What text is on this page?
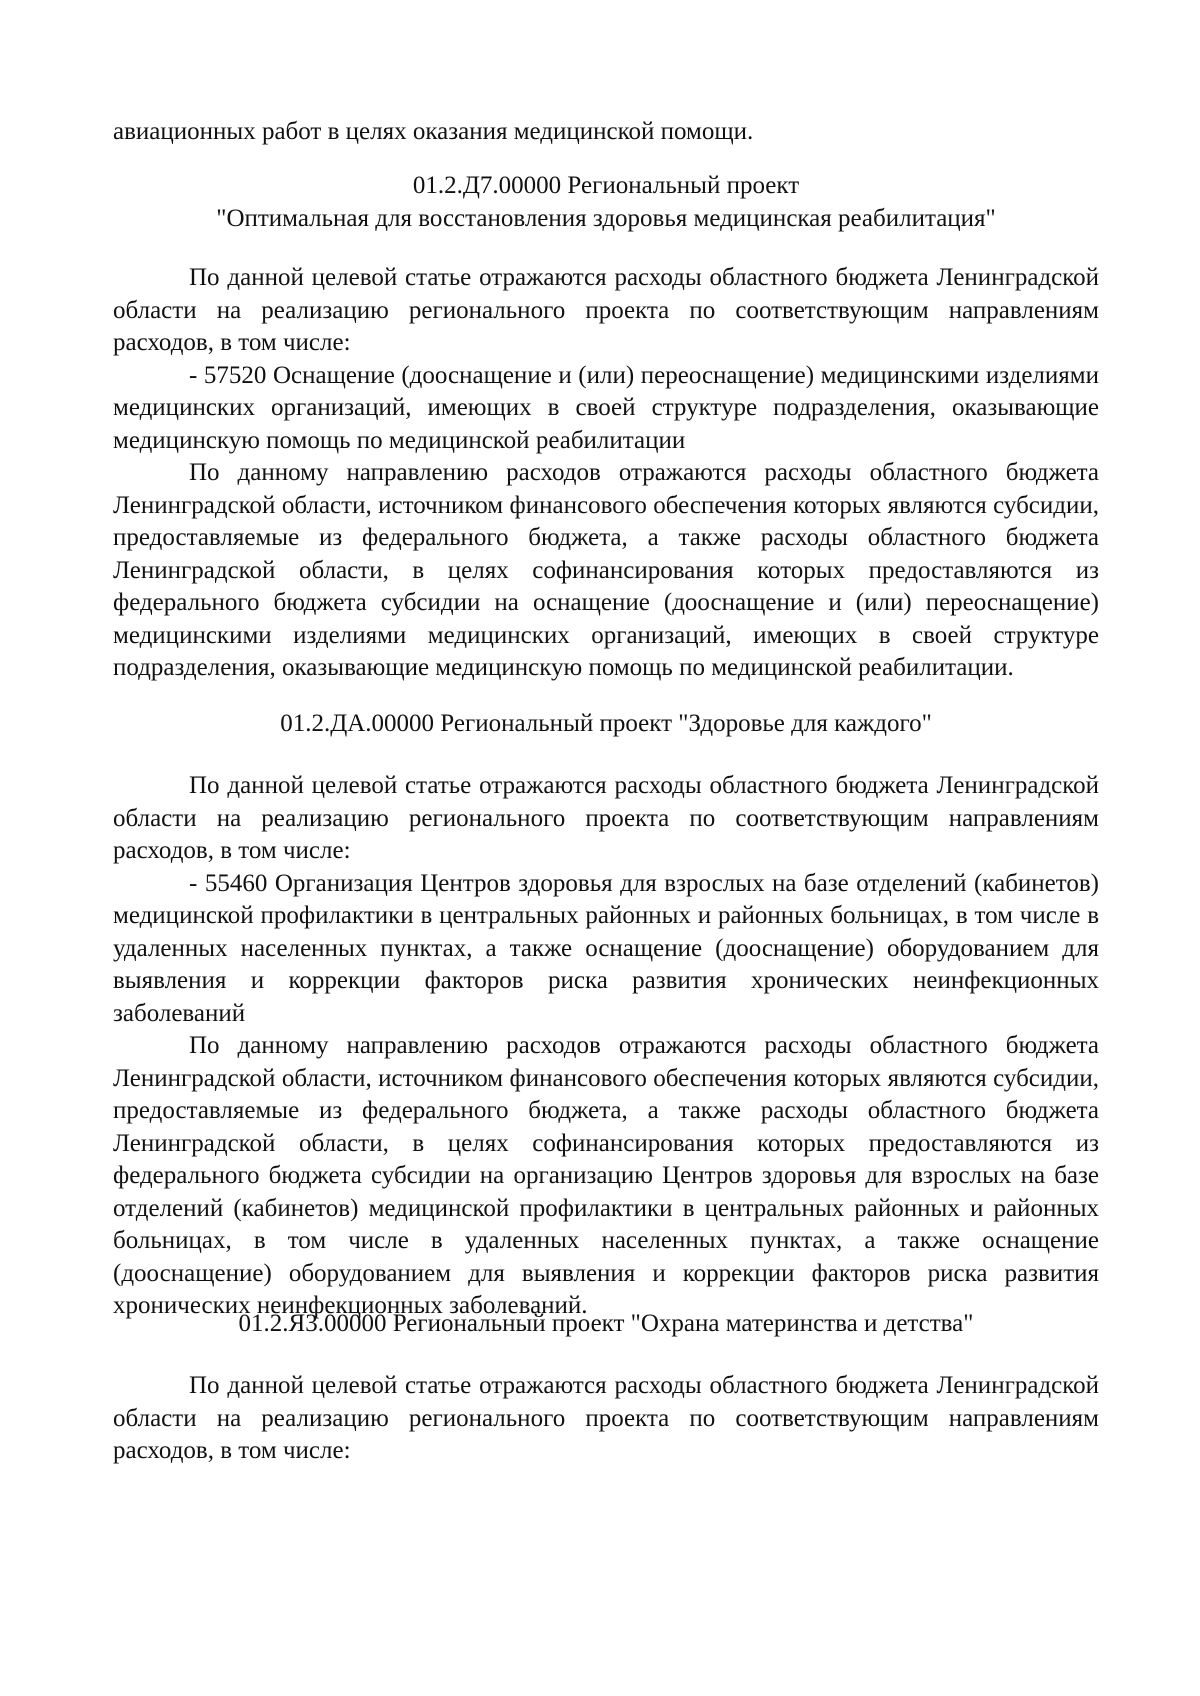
авиационных работ в целях оказания медицинской помощи.

01.2.Д7.00000 Региональный проект
"Оптимальная для восстановления здоровья медицинская реабилитация"

По данной целевой статье отражаются расходы областного бюджета Ленинградской области на реализацию регионального проекта по соответствующим направлениям расходов, в том числе:

- 57520 Оснащение (дооснащение и (или) переоснащение) медицинскими изделиями медицинских организаций, имеющих в своей структуре подразделения, оказывающие медицинскую помощь по медицинской реабилитации

По данному направлению расходов отражаются расходы областного бюджета Ленинградской области, источником финансового обеспечения которых являются субсидии, предоставляемые из федерального бюджета, а также расходы областного бюджета Ленинградской области, в целях софинансирования которых предоставляются из федерального бюджета субсидии на оснащение (дооснащение и (или) переоснащение) медицинскими изделиями медицинских организаций, имеющих в своей структуре подразделения, оказывающие медицинскую помощь по медицинской реабилитации.

01.2.ДА.00000 Региональный проект "Здоровье для каждого"

По данной целевой статье отражаются расходы областного бюджета Ленинградской области на реализацию регионального проекта по соответствующим направлениям расходов, в том числе:

- 55460 Организация Центров здоровья для взрослых на базе отделений (кабинетов) медицинской профилактики в центральных районных и районных больницах, в том числе в удаленных населенных пунктах, а также оснащение (дооснащение) оборудованием для выявления и коррекции факторов риска развития хронических неинфекционных заболеваний

По данному направлению расходов отражаются расходы областного бюджета Ленинградской области, источником финансового обеспечения которых являются субсидии, предоставляемые из федерального бюджета, а также расходы областного бюджета Ленинградской области, в целях софинансирования которых предоставляются из федерального бюджета субсидии на организацию Центров здоровья для взрослых на базе отделений (кабинетов) медицинской профилактики в центральных районных и районных больницах, в том числе в удаленных населенных пунктах, а также оснащение (дооснащение) оборудованием для выявления и коррекции факторов риска развития хронических неинфекционных заболеваний.

01.2.Я3.00000 Региональный проект "Охрана материнства и детства"

По данной целевой статье отражаются расходы областного бюджета Ленинградской области на реализацию регионального проекта по соответствующим направлениям расходов, в том числе:
